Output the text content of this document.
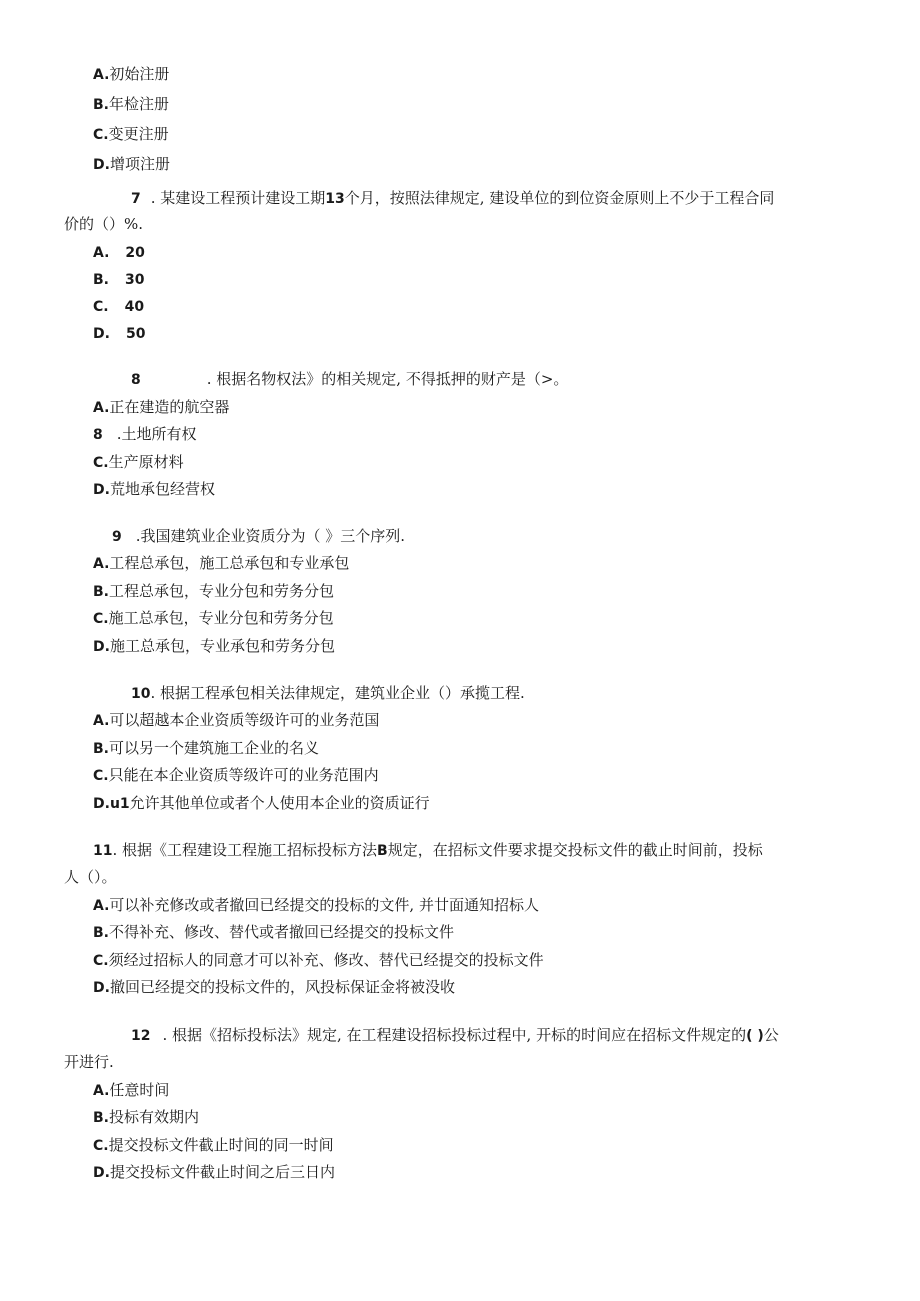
A.初始注册
B.年检注册
C.变更注册
D.增项注册
7 . 某建设工程预计建设工期13个月，按照法律规定, 建设单位的到位资金原则上不少于工程合同
价的（）%.
A. 20
B. 30
C. 40
D. 50
8	. 根据名物权法》的相关规定, 不得抵押的财产是（>。
A.正在建造的航空器
8 .土地所有权
C.生产原材料
D.荒地承包经营权
9 .我国建筑业企业资质分为（ 》三个序列.
A.工程总承包，施工总承包和专业承包
B.工程总承包，专业分包和劳务分包
C.施工总承包，专业分包和劳务分包
D.施工总承包，专业承包和劳务分包
10. 根据工程承包相关法律规定，建筑业企业（）承揽工程.
A.可以超越本企业资质等级许可的业务范国
B.可以另一个建筑施工企业的名义
C.只能在本企业资质等级许可的业务范围内
D.u1允许其他单位或者个人使用本企业的资质证行
11. 根据《工程建设工程施工招标投标方法B规定，在招标文件要求提交投标文件的截止时间前，投标
人（）。
A.可以补充修改或者撤回已经提交的投标的文件, 并廿面通知招标人
B.不得补充、修改、替代或者撤回已经提交的投标文件
C.须经过招标人的同意才可以补充、修改、替代已经提交的投标文件
D.撤回已经提交的投标文件的，风投标保证金将被没收
12 . 根据《招标投标法》规定, 在工程建设招标投标过程中, 开标的时间应在招标文件规定的( )公
开进行.
A.任意时间
B.投标有效期内
C.提交投标文件截止时间的同一时间
D.提交投标文件截止时间之后三日内
